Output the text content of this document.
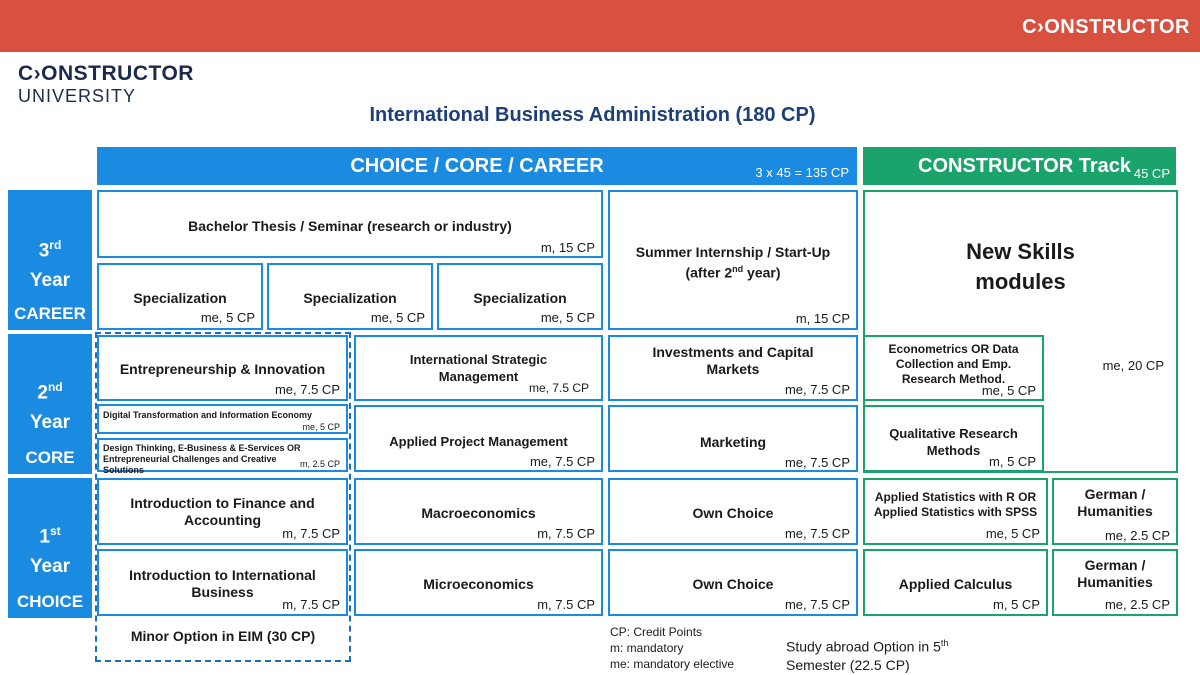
C›ONSTRUCTOR
C›ONSTRUCTOR
UNIVERSITY
International Business Administration (180 CP)
CHOICE / CORE / CAREER	3 x 45 = 135 CP	CONSTRUCTOR Track 45 CP
3rd
Year
CAREER
2nd
Year
CORE
1st
Year
CHOICE
Bachelor Thesis / Seminar (research or industry)
m, 15 CP
Specialization
me, 5 CP
Specialization
me, 5 CP
Specialization
me, 5 CP
Summer Internship / Start-Up
(after 2nd year)
m, 15 CP
New Skills modules
me, 20 CP
Entrepreneurship & Innovation
me, 7.5 CP
Digital Transformation and Information Economy
me, 5 CP
Design Thinking, E-Business & E-Services OR Entrepreneurial Challenges and Creative Solutions
m, 2.5 CP
International Strategic Management
me, 7.5 CP
Applied Project Management
me, 7.5 CP
Investments and Capital Markets
me, 7.5 CP
Marketing
me, 7.5 CP
Econometrics OR Data Collection and Emp. Research Method.
me, 5 CP
Qualitative Research Methods
m, 5 CP
Introduction to Finance and Accounting
m, 7.5 CP
Macroeconomics
m, 7.5 CP
Own Choice
me, 7.5 CP
Applied Statistics with R OR Applied Statistics with SPSS
me, 5 CP
German / Humanities
me, 2.5 CP
Introduction to International Business
m, 7.5 CP
Microeconomics
m, 7.5 CP
Own Choice
me, 7.5 CP
Applied Calculus
m, 5 CP
German / Humanities
me, 2.5 CP
Minor Option in EIM (30 CP)	CP: Credit Points
m: mandatory
me: mandatory elective
Study abroad Option in 5th
Semester (22.5 CP)
